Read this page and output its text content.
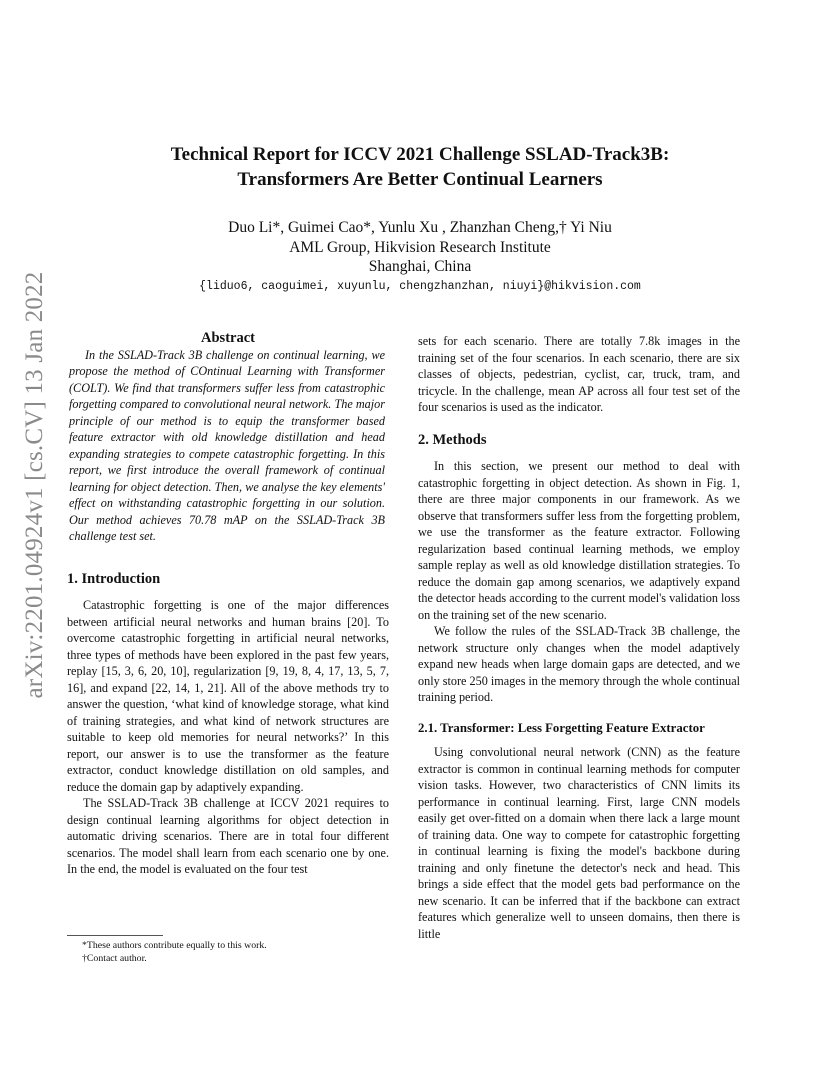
arXiv:2201.04924v1 [cs.CV] 13 Jan 2022
Technical Report for ICCV 2021 Challenge SSLAD-Track3B:
Transformers Are Better Continual Learners
Duo Li*, Guimei Cao*, Yunlu Xu , Zhanzhan Cheng,† Yi Niu
AML Group, Hikvision Research Institute
Shanghai, China
{liduo6, caoguimei, xuyunlu, chengzhanzhan, niuyi}@hikvision.com

Abstract

In the SSLAD-Track 3B challenge on continual learning, we propose the method of COntinual Learning with Transformer (COLT). We find that transformers suffer less from catastrophic forgetting compared to convolutional neural network. The major principle of our method is to equip the transformer based feature extractor with old knowledge distillation and head expanding strategies to compete catastrophic forgetting. In this report, we first introduce the overall framework of continual learning for object detection. Then, we analyse the key elements' effect on withstanding catastrophic forgetting in our solution. Our method achieves 70.78 mAP on the SSLAD-Track 3B challenge test set.

1. Introduction

Catastrophic forgetting is one of the major differences between artificial neural networks and human brains [20]. To overcome catastrophic forgetting in artificial neural networks, three types of methods have been explored in the past few years, replay [15, 3, 6, 20, 10], regularization [9, 19, 8, 4, 17, 13, 5, 7, 16], and expand [22, 14, 1, 21]. All of the above methods try to answer the question, ‘what kind of knowledge storage, what kind of training strategies, and what kind of network structures are suitable to keep old memories for neural networks?’ In this report, our answer is to use the transformer as the feature extractor, conduct knowledge distillation on old samples, and reduce the domain gap by adaptively expanding.

The SSLAD-Track 3B challenge at ICCV 2021 requires to design continual learning algorithms for object detection in automatic driving scenarios. There are in total four different scenarios. The model shall learn from each scenario one by one. In the end, the model is evaluated on the four test

sets for each scenario. There are totally 7.8k images in the training set of the four scenarios. In each scenario, there are six classes of objects, pedestrian, cyclist, car, truck, tram, and tricycle. In the challenge, mean AP across all four test set of the four scenarios is used as the indicator.

2. Methods

In this section, we present our method to deal with catastrophic forgetting in object detection. As shown in Fig. 1, there are three major components in our framework. As we observe that transformers suffer less from the forgetting problem, we use the transformer as the feature extractor. Following regularization based continual learning methods, we employ sample replay as well as old knowledge distillation strategies. To reduce the domain gap among scenarios, we adaptively expand the detector heads according to the current model's validation loss on the training set of the new scenario.

We follow the rules of the SSLAD-Track 3B challenge, the network structure only changes when the model adaptively expand new heads when large domain gaps are detected, and we only store 250 images in the memory through the whole continual training period.

2.1. Transformer: Less Forgetting Feature Extractor

Using convolutional neural network (CNN) as the feature extractor is common in continual learning methods for computer vision tasks. However, two characteristics of CNN limits its performance in continual learning. First, large CNN models easily get over-fitted on a domain when there lack a large mount of training data. One way to compete for catastrophic forgetting in continual learning is fixing the model's backbone during training and only finetune the detector's neck and head. This brings a side effect that the model gets bad performance on the new scenario. It can be inferred that if the backbone can extract features which generalize well to unseen domains, then there is little

*These authors contribute equally to this work.
†Contact author.
